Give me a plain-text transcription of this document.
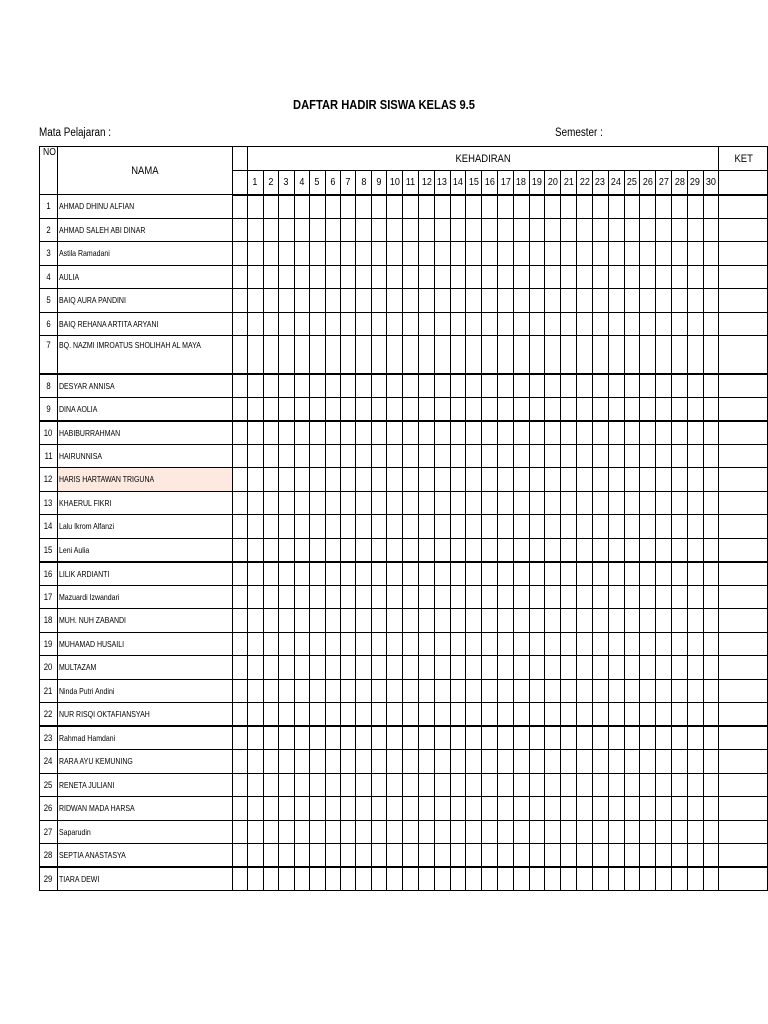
DAFTAR HADIR SISWA KELAS 9.5
Mata Pelajaran :	Semester :
NO	NAMA		KEHADIRAN																														KET
			1	2	3	4	5	6	7	8	9	10	11	12	13	14	15	16	17	18	19	20	21	22	23	24	25	26	27	28	29	30	
1	AHMAD DHINU ALFIAN																																
2	AHMAD SALEH ABI DINAR																																
3	Astila Ramadani																																
4	AULIA																																
5	BAIQ AURA PANDINI																																
6	BAIQ REHANA ARTITA ARYANI																																
7	BQ. NAZMI IMROATUS SHOLIHAH AL MAYA																																
8	DESYAR ANNISA																																
9	DINA AOLIA																																
10	HABIBURRAHMAN																																
11	HAIRUNNISA																																
12	HARIS HARTAWAN TRIGUNA																																
13	KHAERUL FIKRI																																
14	Lalu Ikrom Alfanzi																																
15	Leni Aulia																																
16	LILIK ARDIANTI																																
17	Mazuardi Izwandari																																
18	MUH. NUH ZABANDI																																
19	MUHAMAD HUSAILI																																
20	MULTAZAM																																
21	Ninda Putri Andini																																
22	NUR RISQI OKTAFIANSYAH																																
23	Rahmad Hamdani																																
24	RARA AYU KEMUNING																																
25	RENETA JULIANI																																
26	RIDWAN MADA HARSA																																
27	Saparudin																																
28	SEPTIA ANASTASYA																																
29	TIARA DEWI																																
